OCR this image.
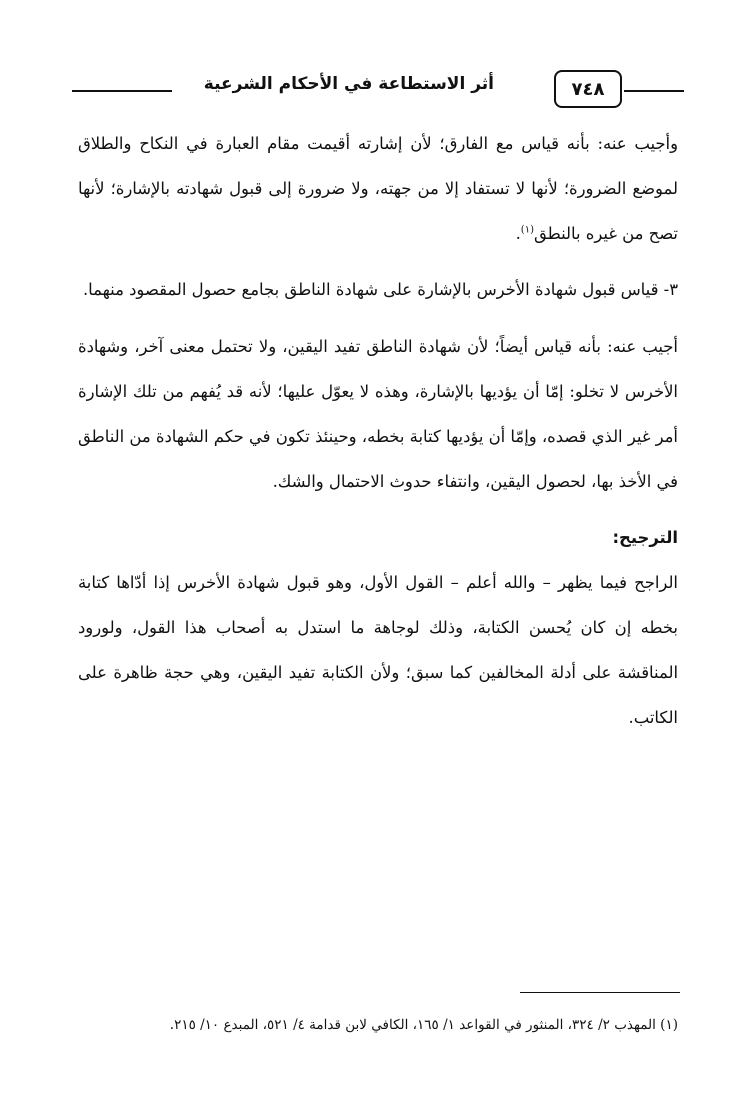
أثر الاستطاعة في الأحكام الشرعية	٧٤٨

وأجيب عنه: بأنه قياس مع الفارق؛ لأن إشارته أقيمت مقام العبارة في النكاح والطلاق لموضع الضرورة؛ لأنها لا تستفاد إلا من جهته، ولا ضرورة إلى قبول شهادته بالإشارة؛ لأنها تصح من غيره بالنطق$^{(١)}$.

٣- قياس قبول شهادة الأخرس بالإشارة على شهادة الناطق بجامع حصول المقصود منهما.

أجيب عنه: بأنه قياس أيضاً؛ لأن شهادة الناطق تفيد اليقين، ولا تحتمل معنى آخر، وشهادة الأخرس لا تخلو: إمّا أن يؤديها بالإشارة، وهذه لا يعوّل عليها؛ لأنه قد يُفهم من تلك الإشارة أمر غير الذي قصده، وإمّا أن يؤديها كتابة بخطه، وحينئذ تكون في حكم الشهادة من الناطق في الأخذ بها، لحصول اليقين، وانتفاء حدوث الاحتمال والشك.

الترجيح:

الراجح فيما يظهر – والله أعلم – القول الأول، وهو قبول شهادة الأخرس إذا أدّاها كتابة بخطه إن كان يُحسن الكتابة، وذلك لوجاهة ما استدل به أصحاب هذا القول، ولورود المناقشة على أدلة المخالفين كما سبق؛ ولأن الكتابة تفيد اليقين، وهي حجة ظاهرة على الكاتب.

(١) المهذب ٢/ ٣٢٤، المنثور في القواعد ١/ ١٦٥، الكافي لابن قدامة ٤/ ٥٢١، المبدع ١٠/ ٢١٥.
